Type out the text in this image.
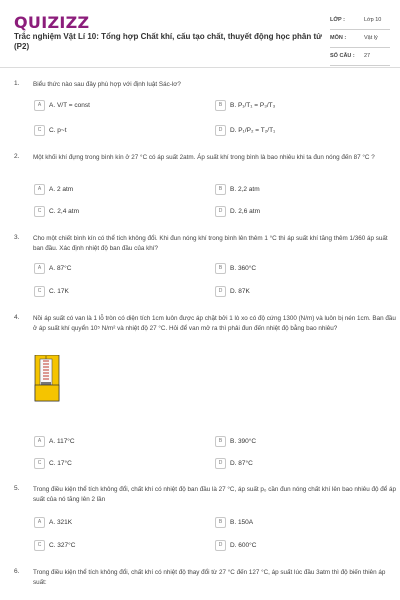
QUIZIZZ
Trắc nghiệm Vật Lí 10: Tổng hợp Chất khí, cấu tạo chất, thuyết động học phân tử (P2)
LỚP :	Lớp 10
MÔN :	Vật lý
SỐ CÂU : 27
1. Biểu thức nào sau đây phù hợp với định luật Sác-lơ?
A A. V/T = const	B B. P₁/T₁ = P₃/T₃
C C. p~t	D D. P₁/P₂ = T₂/T₁
2. Một khối khí đựng trong bình kín ở 27 °C có áp suất 2atm. Áp suất khí trong bình là bao nhiêu khi ta đun nóng đến 87 °C ?
A A. 2 atm	B B. 2,2 atm
C C. 2,4 atm	D D. 2,6 atm
3. Cho một chiết bình kín có thể tích không đổi. Khi đun nóng khí trong bình lên thêm 1 °C thì áp suất khí tăng thêm 1/360 áp suất ban đầu. Xác định nhiệt độ ban đầu của khí?
A A. 87°C	B B. 360°C
C C. 17K	D D. 87K
4. Nồi áp suất có van là 1 lỗ tròn có diện tích 1cm luôn được áp chặt bởi 1 lò xo có độ cứng 1300 (N/m) và luôn bị nén 1cm. Ban đầu ở áp suất khí quyển 10⁵ N/m² và nhiệt độ 27 °C. Hỏi để van mở ra thì phải đun đến nhiệt độ bằng bao nhiêu?
A A. 117°C	B B. 390°C
C C. 17°C	D D. 87°C
5. Trong điều kiện thể tích không đổi, chất khí có nhiệt độ ban đầu là 27 °C, áp suất p₀ cần đun nóng chất khí lên bao nhiêu độ để áp suất của nó tăng lên 2 lần
A A. 321K	B B. 150A
C C. 327°C	D D. 600°C
6. Trong điều kiện thể tích không đổi, chất khí có nhiệt độ thay đổi từ 27 °C đến 127 °C, áp suất lúc đầu 3atm thì độ biến thiên áp suất:
